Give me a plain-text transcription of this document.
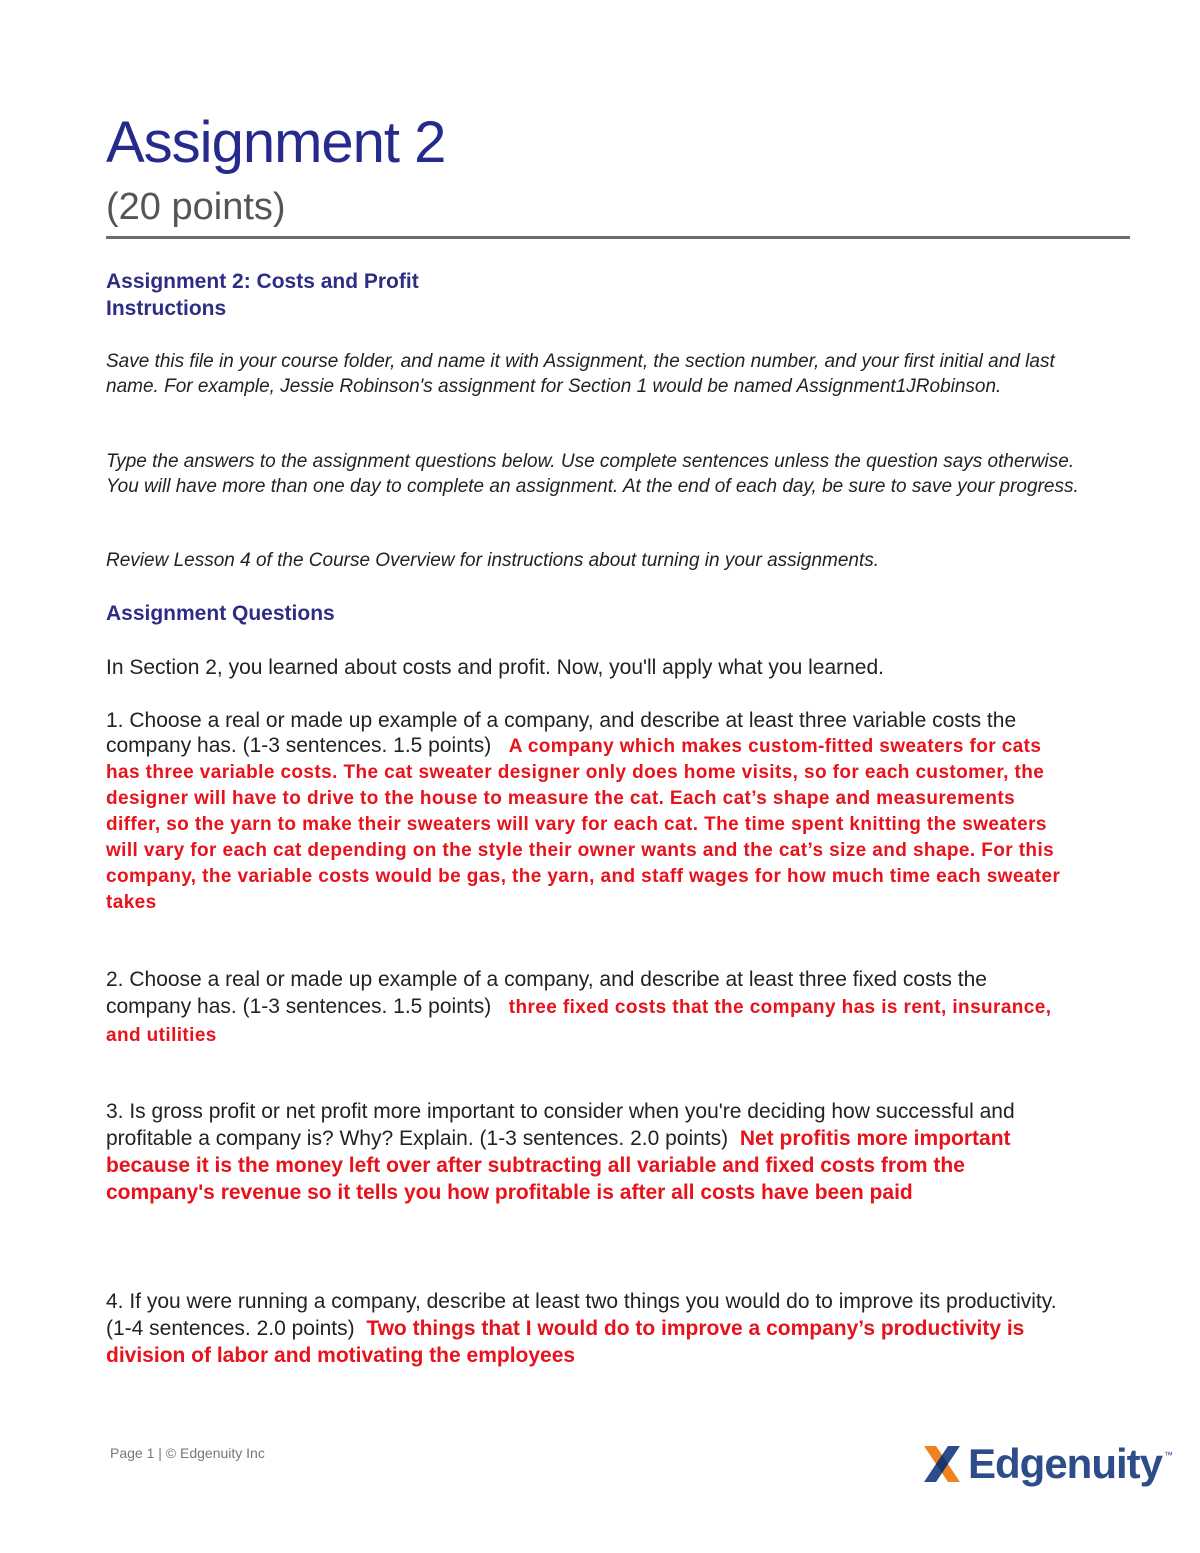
Assignment 2
(20 points)

Assignment 2: Costs and Profit

Instructions

Save this file in your course folder, and name it with Assignment, the section number, and your first initial and last name. For example, Jessie Robinson's assignment for Section 1 would be named Assignment1JRobinson.

Type the answers to the assignment questions below. Use complete sentences unless the question says otherwise. You will have more than one day to complete an assignment. At the end of each day, be sure to save your progress.

Review Lesson 4 of the Course Overview for instructions about turning in your assignments.

Assignment Questions

In Section 2, you learned about costs and profit. Now, you'll apply what you learned.

1. Choose a real or made up example of a company, and describe at least three variable costs the company has. (1-3 sentences. 1.5 points) A company which makes custom-fitted sweaters for cats has three variable costs. The cat sweater designer only does home visits, so for each customer, the designer will have to drive to the house to measure the cat. Each cat’s shape and measurements differ, so the yarn to make their sweaters will vary for each cat. The time spent knitting the sweaters will vary for each cat depending on the style their owner wants and the cat’s size and shape. For this company, the variable costs would be gas, the yarn, and staff wages for how much time each sweater takes

2. Choose a real or made up example of a company, and describe at least three fixed costs the company has. (1-3 sentences. 1.5 points) three fixed costs that the company has is rent, insurance, and utilities

3. Is gross profit or net profit more important to consider when you're deciding how successful and profitable a company is? Why? Explain. (1-3 sentences. 2.0 points) Net profitis more important because it is the money left over after subtracting all variable and fixed costs from the company's revenue so it tells you how profitable is after all costs have been paid

4. If you were running a company, describe at least two things you would do to improve its productivity. (1-4 sentences. 2.0 points) Two things that I would do to improve a company’s productivity is division of labor and motivating the employees

Page 1 | © Edgenuity Inc	Edgenuity ™
